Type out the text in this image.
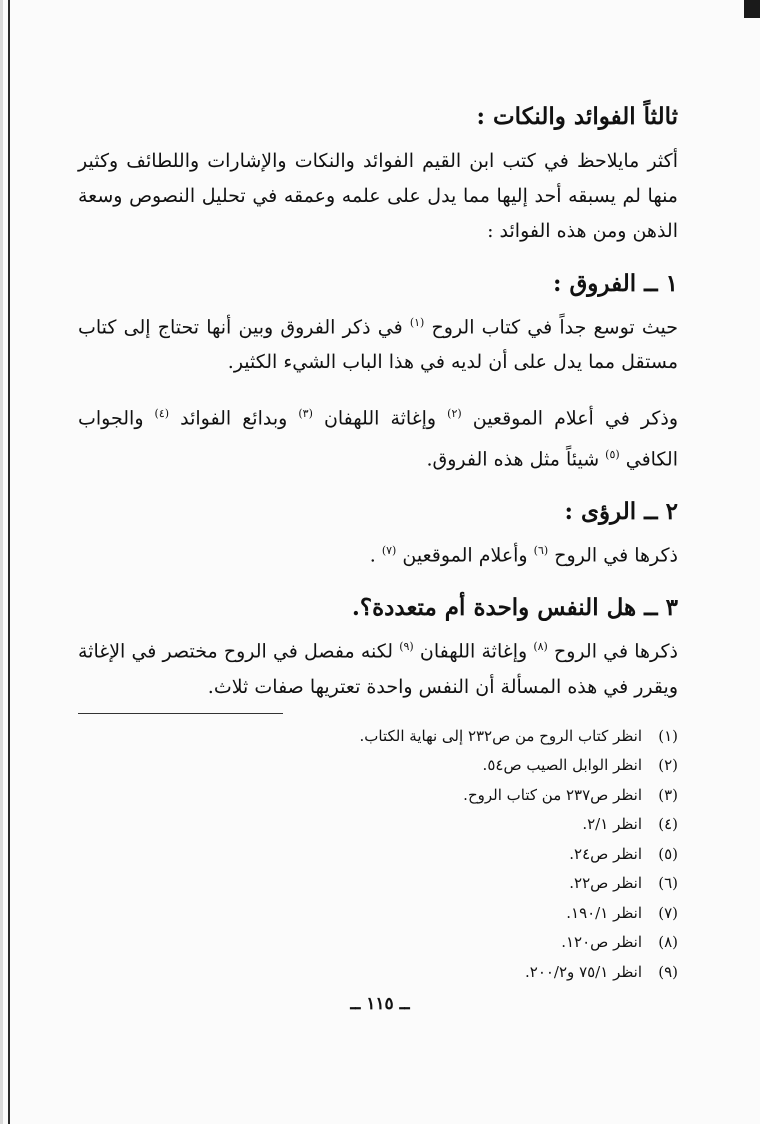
ثالثاً الفوائد والنكات :

أكثر مايلاحظ في كتب ابن القيم الفوائد والنكات والإشارات واللطائف وكثير منها لم يسبقه أحد إليها مما يدل على علمه وعمقه في تحليل النصوص وسعة الذهن ومن هذه الفوائد :

١ ــ الفروق :

حيث توسع جداً في كتاب الروح $^{(١)}$ في ذكر الفروق وبين أنها تحتاج إلى كتاب مستقل مما يدل على أن لديه في هذا الباب الشيء الكثير.

وذكر في أعلام الموقعين $^{(٢)}$ وإغاثة اللهفان $^{(٣)}$ وبدائع الفوائد $^{(٤)}$ والجواب الكافي $^{(٥)}$ شيئاً مثل هذه الفروق.

٢ ــ الرؤى :

ذكرها في الروح $^{(٦)}$ وأعلام الموقعين $^{(٧)}$ .

٣ ــ هل النفس واحدة أم متعددة؟.

ذكرها في الروح $^{(٨)}$ وإغاثة اللهفان $^{(٩)}$ لكنه مفصل في الروح مختصر في الإغاثة ويقرر في هذه المسألة أن النفس واحدة تعتريها صفات ثلاث.

(١)
انظر كتاب الروح من ص٢٣٢ إلى نهاية الكتاب.
(٢)
انظر الوابل الصيب ص٥٤.
(٣)
انظر ص٢٣٧ من كتاب الروح.
(٤)
انظر ٢/١.
(٥)
انظر ص٢٤.
(٦)
انظر ص٢٢.
(٧)
انظر ١٩٠/١.
(٨)
انظر ص١٢٠.
(٩)
انظر ٧٥/١ و٢٠٠/٢.
ــ ١١٥ ــ
